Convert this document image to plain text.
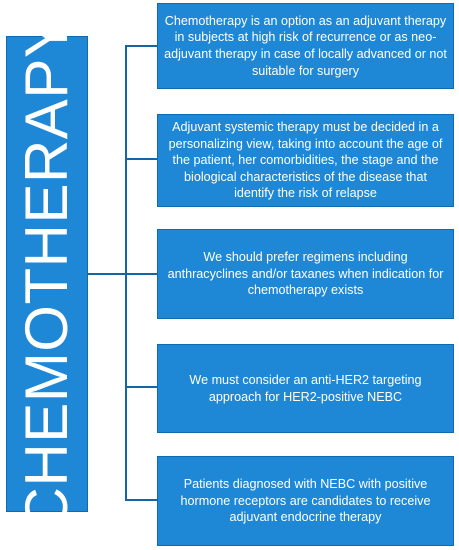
CHEMOTHERAPY	Chemotherapy is an option as an adjuvant therapy in subjects at high risk of recurrence or as neo-adjuvant therapy in case of locally advanced or not suitable for surgery
Adjuvant systemic therapy must be decided in a personalizing view, taking into account the age of the patient, her comorbidities, the stage and the biological characteristics of the disease that identify the risk of relapse
We should prefer regimens including anthracyclines and/or taxanes when indication for chemotherapy exists
We must consider an anti-HER2 targeting approach for HER2-positive NEBC
Patients diagnosed with NEBC with positive hormone receptors are candidates to receive adjuvant endocrine therapy
